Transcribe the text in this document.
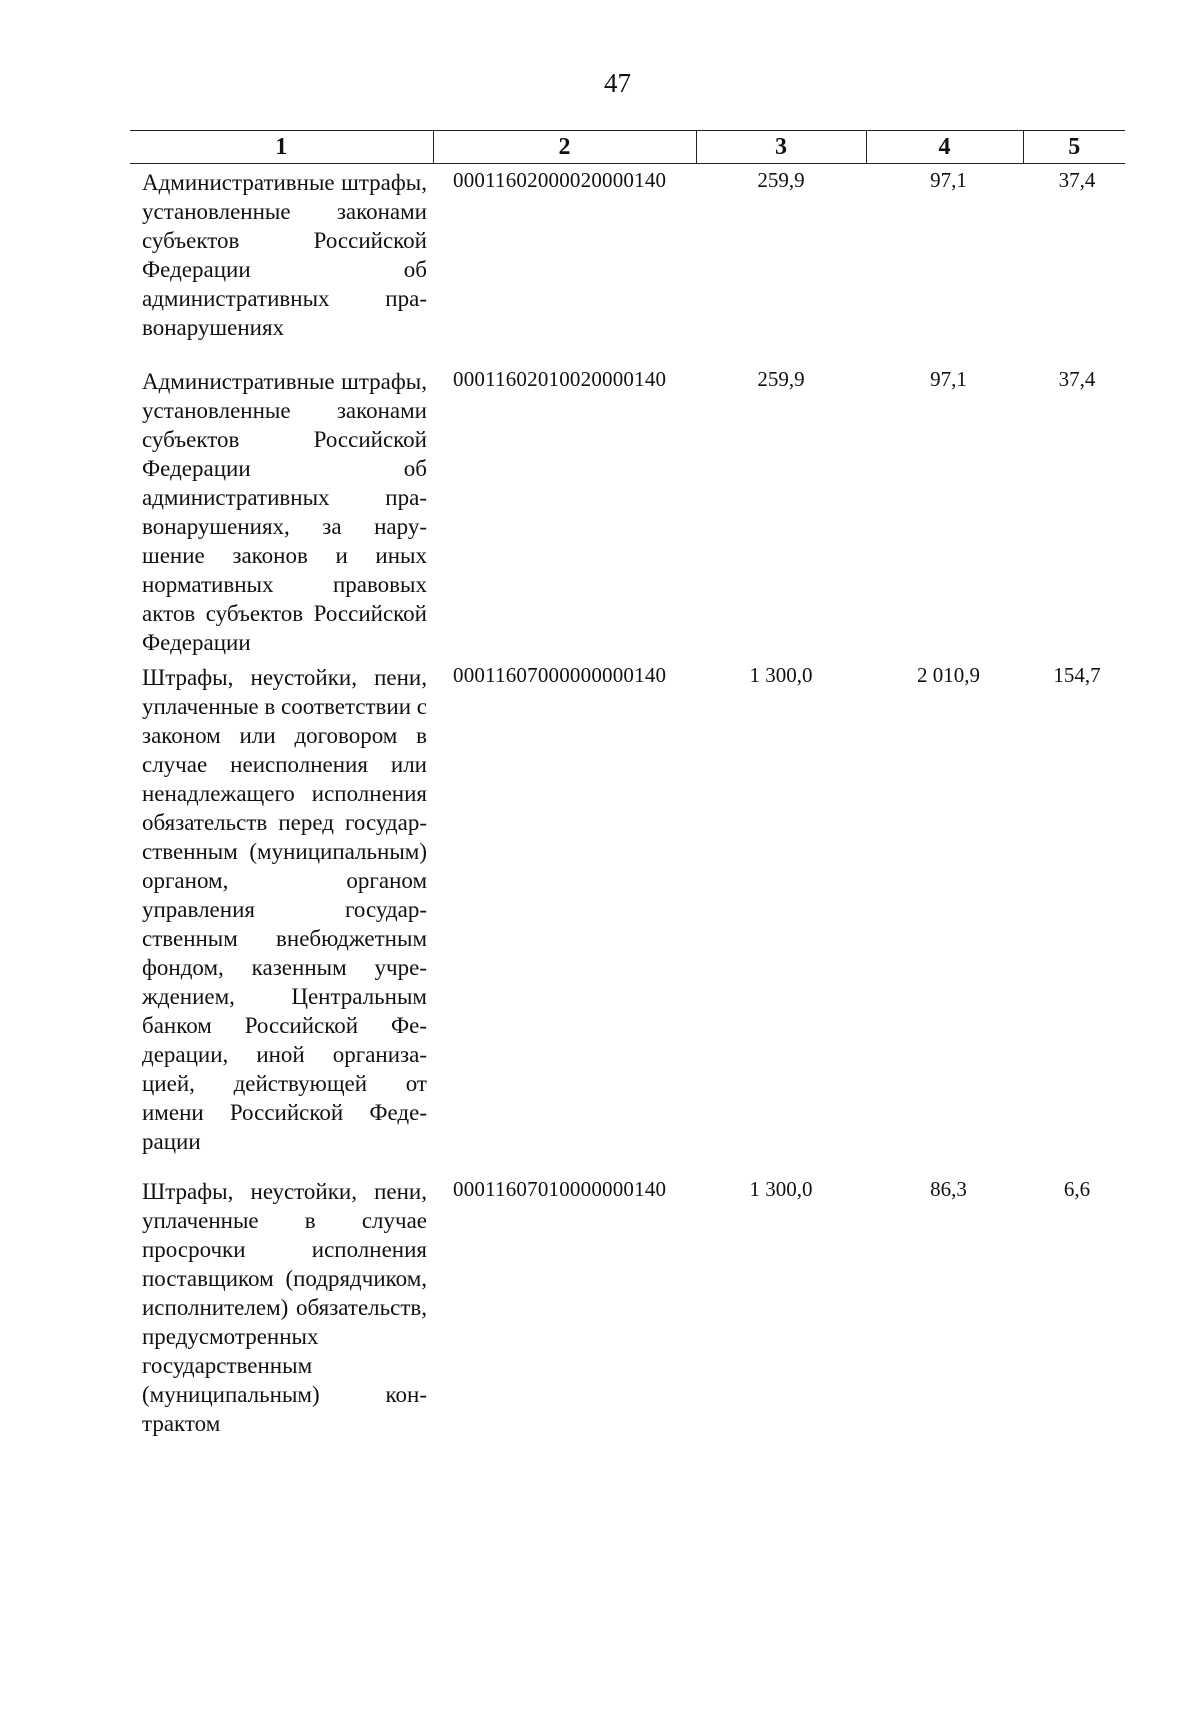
47
1	2	3	4	5
Административные штрафы, установленные законами субъектов Российской Федерации об административных правонарушениях	00011602000020000140	259,9	97,1	37,4
Административные штрафы, установленные законами субъектов Российской Федерации об административных правонарушениях, за нарушение законов и иных нормативных правовых актов субъектов Российской Федерации	00011602010020000140	259,9	97,1	37,4
Штрафы, неустойки, пени, уплаченные в соответствии с законом или договором в случае неисполнения или ненадлежащего исполнения обязательств перед государственным (муниципальным) органом, органом управления государственным внебюджетным фондом, казенным учреждением, Центральным банком Российской Федерации, иной организацией, действующей от имени Российской Федерации	00011607000000000140	1 300,0	2 010,9	154,7
Штрафы, неустойки, пени, уплаченные в случае просрочки исполнения поставщиком (подрядчиком, исполнителем) обязательств, предусмотренных государственным (муниципальным) контрактом	00011607010000000140	1 300,0	86,3	6,6
